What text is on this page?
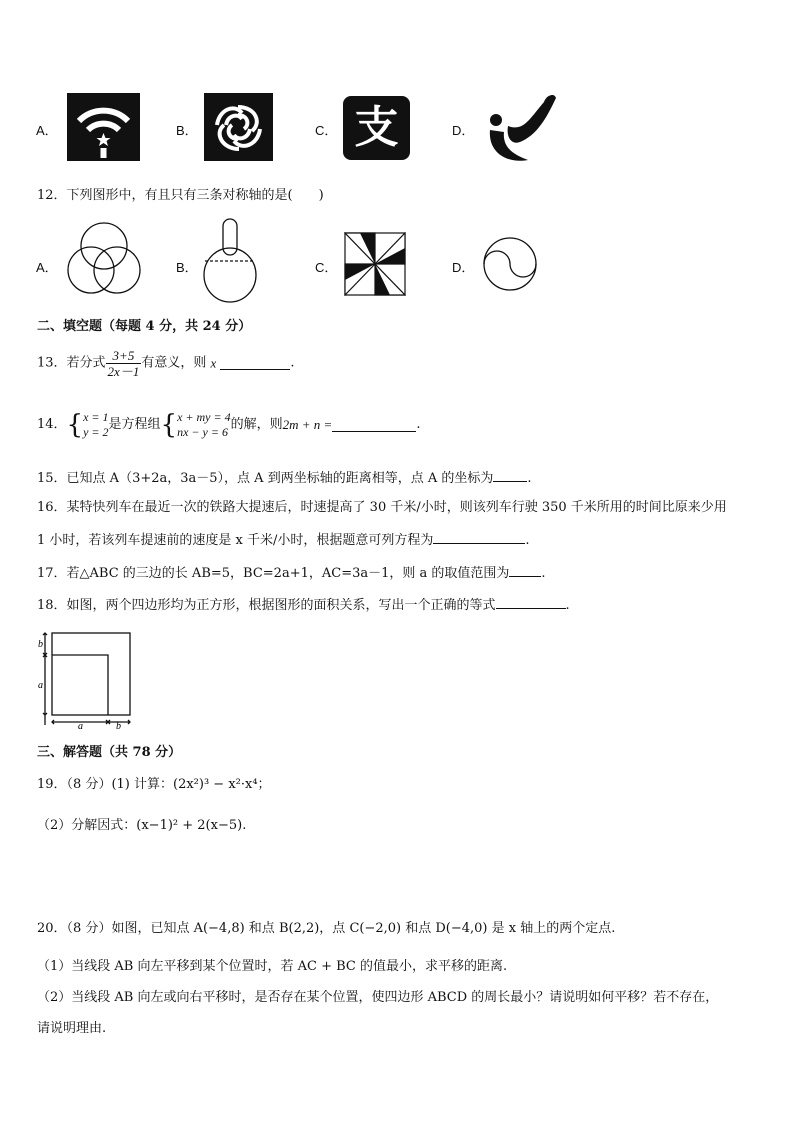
A．	B．	C． 支	D．
12．下列图形中，有且只有三条对称轴的是(　　)
A．	B．	C．	D．
二、填空题（每题 4 分，共 24 分）
13．若分式 $\frac{3+5}{2x-1}$ 有意义，则 x	.
14．{ x = 1
y = 2 是方程组{ x + my = 4
nx − y = 6 的解，则2m + n =	.
15．已知点 A（3+2a，3a－5），点 A 到两坐标轴的距离相等，点 A 的坐标为	.
16．某特快列车在最近一次的铁路大提速后，时速提高了 30 千米/小时，则该列车行驶 350 千米所用的时间比原来少用
1 小时，若该列车提速前的速度是 x 千米/小时，根据题意可列方程为	.
17．若△ABC 的三边的长 AB=5，BC=2a+1，AC=3a－1，则 a 的取值范围为 .
18．如图，两个四边形均为正方形，根据图形的面积关系，写出一个正确的等式	.
b
a
a	b
三、解答题（共 78 分）
19．（8 分）(1) 计算：(2x²)³ − x²·x⁴；
（2）分解因式：(x−1)² + 2(x−5).
20．（8 分）如图，已知点 A(−4,8) 和点 B(2,2)，点 C(−2,0) 和点 D(−4,0) 是 x 轴上的两个定点.
（1）当线段 AB 向左平移到某个位置时，若 AC + BC 的值最小，求平移的距离.
（2）当线段 AB 向左或向右平移时，是否存在某个位置，使四边形 ABCD 的周长最小？请说明如何平移？若不存在，
请说明理由.
